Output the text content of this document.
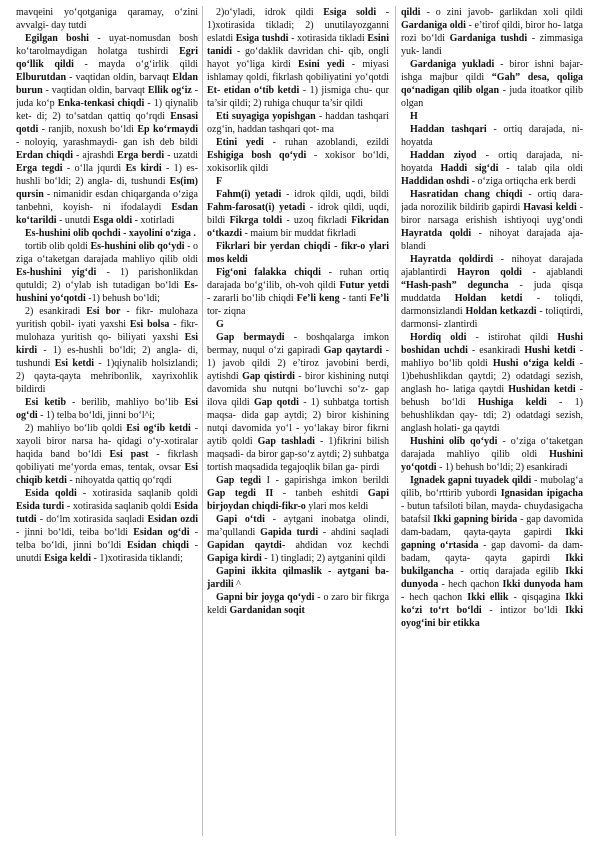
mavqeini yo‘qotganiga qaramay, o‘zini avvalgi- day tutdi

Egilgan boshi - uyat-nomusdan bosh ko‘tarolmaydigan holatga tushirdi Egri qo‘llik qildi - mayda o‘g‘irlik qildi Elburutdan - vaqtidan oldin, barvaqt Eldan burun - vaqtidan oldin, barvaqt Ellik og‘iz - juda ko‘p Enka-tenkasi chiqdi - 1) qiynalib ket- di; 2) to‘satdan qattiq qo‘rqdi Ensasi qotdi - ranjib, noxush bo‘ldi Ep ko‘rmaydi - noloyiq, yarashmaydi- gan ish deb bildi Erdan chiqdi - ajrashdi Erga berdi - uzatdi Erga tegdi - o‘lla jqurdi Es kirdi - 1) es- hushli bo‘ldi; 2) angla- di, tushundi Es(im) qursin - nimanidir esdan chiqarganda o‘ziga tanbehni, koyish- ni ifodalaydi Esdan ko‘tarildi - unutdi Esga oldi - xotirladi

Es-hushini olib qochdi - xayolini o‘ziga .

tortib olib qoldi Es-hushini olib qo‘ydi - o ziga o‘taketgan darajada mahliyo qilib oldi Es-hushini yig‘di - 1) parishonlikdan qutuldi; 2) o‘ylab ish tutadigan bo‘ldi Es-hushini yo‘qotdi -1) behush bo‘ldi;

2) esankiradi Esi bor - fikr- mulohaza yuritish qobil- iyati yaxshi Esi bolsa - fikr-mulohaza yuritish qo- biliyati yaxshi Esi kirdi - 1) es-hushli bo‘ldi; 2) angla- di, tushundi Esi ketdi - 1)qiynalib holsizlandi; 2) qayta-qayta mehribonlik, xayrixohlik bildirdi

Esi ketib - berilib, mahliyo bo‘lib Esi og‘di - 1) telba bo‘ldi, jinni bo‘l^i;

2) mahliyo bo‘lib qoldi Esi og‘ib ketdi - xayoli biror narsa ha- qidagi o‘y-xotiralar haqida band bo‘ldi Esi past - fikrlash qobiliyati me‘yorda emas, tentak, ovsar Esi chiqib ketdi - nihoyatda qattiq qo‘rqdi

Esida qoldi - xotirasida saqlanib qoldi Esida turdi - xotirasida saqlanib qoldi Esida tutdi - do‘lm xotirasida saqladi Esidan ozdi - jinni bo‘ldi, teiba bo‘ldi Esidan og‘di - telba bo‘ldi, jinni bo‘ldi Esidan chiqdi - unutdi Esiga keldi - 1)xotirasida tiklandi;

2)o‘yladi, idrok qildi Esiga soldi - 1)xotirasida tikladi; 2) unutilayozganni eslatdi Esiga tushdi - xotirasida tikladi Esini tanidi - go‘daklik davridan chi- qib, ongli hayot yo‘liga kirdi Esini yedi - miyasi ishlamay qoldi, fikrlash qobiliyatini yo‘qotdi Et- etidan o‘tib ketdi - 1) jismiga chu- qur ta’sir qildi; 2) ruhiga chuqur ta’sir qildi

Eti suyagiga yopishgan - haddan tashqari ozg‘in, haddan tashqari qot- ma

Etini yedi - ruhan azoblandi, ezildi Eshigiga bosh qo‘ydi - xokisor bo‘ldi, xokisorlik qildi

F

Fahm(i) yetadi - idrok qildi, uqdi, bildi Fahm-farosat(i) yetadi - idrok qildi, uqdi, bildi Fikrga toldi - uzoq fikrladi Fikridan o‘tkazdi - maium bir muddat fikrladi

Fikrlari bir yerdan chiqdi - fikr-o ylari mos keldi

Fig‘oni falakka chiqdi - ruhan ortiq darajada bo‘g‘ilib, oh-voh qildi Futur yetdi - zararli bo‘lib chiqdi Fe’li keng - tanti Fe’li tor- ziqna

G

Gap bermaydi - boshqalarga imkon bermay, nuqul o‘zi gapiradi Gap qaytardi - 1) javob qildi 2) e’tiroz javobini berdi, aytishdi Gap qistirdi - biror kishining nutqi davomida shu nutqni bo‘luvchi so‘z- gap ilova qildi Gap qotdi - 1) suhbatga tortish maqsa- dida gap aytdi; 2) biror kishining nutqi davomida yo‘l - yo‘lakay biror fikrni aytib qoldi Gap tashladi - 1)fikrini bilish maqsadi- da biror gap-so‘z aytdi; 2) suhbatga tortish maqsadida tegajoqlik bilan ga- pirdi

Gap tegdi I - gapirishga imkon berildi Gap tegdi II - tanbeh eshitdi Gapi birjoydan chiqdi-fikr-o ylari mos keldi

Gapi o‘tdi - aytgani inobatga olindi, ma’qullandi Gapida turdi - ahdini saqladi Gapidan qaytdi- ahdidan voz kechdi Gapiga kirdi - 1) tingladi; 2) aytganini qildi

Gapini ikkita qilmaslik - aytgani ba- jardili ^

Gapni bir joyga qo‘ydi - o zaro bir fikrga keldi Gardanidan soqit

qildi - o zini javob- garlikdan xoli qildi Gardaniga oldi - e’tirof qildi, biror ho- latga rozi bo‘ldi Gardaniga tushdi - zimmasiga yuk- landi

Gardaniga yukladi - biror ishni bajar- ishga majbur qildi “Gah” desa, qoliga qo‘nadigan qilib olgan - juda itoatkor qilib olgan

H

Haddan tashqari - ortiq darajada, ni- hoyatda

Haddan ziyod - ortiq darajada, ni- hoyatda Haddi sig‘di - talab qila oldi Haddidan oshdi - o‘ziga ortiqcha erk berdi

Hasratidan chang chiqdi - ortiq dara- jada norozilik bildirib gapirdi Havasi keldi - biror narsaga erishish ishtiyoqi uyg‘ondi Hayratda qoldi - nihoyat darajada aja- blandi

Hayratda qoldirdi - nihoyat darajada ajablantirdi Hayron qoldi - ajablandi “Hash-pash” deguncha - juda qisqa muddatda Holdan ketdi - toliqdi, darmonsizlandi Holdan ketkazdi - toliqtirdi, darmonsi- zlantirdi

Hordiq oldi - istirohat qildi Hushi boshidan uchdi - esankiradi Hushi ketdi - mahliyo bo‘lib qoldi Hushi o‘ziga keldi - 1)behushlikdan qaytdi; 2) odatdagi sezish, anglash ho- latiga qaytdi Hushidan ketdi - behush bo‘ldi Hushiga keldi - 1) behushlikdan qay- tdi; 2) odatdagi sezish, anglash holati- ga qaytdi

Hushini olib qo‘ydi - o‘ziga o‘taketgan darajada mahliyo qilib oldi Hushini yo‘qotdi - 1) behush bo‘ldi; 2) esankiradi

Ignadek gapni tuyadek qildi - mubolag‘a qilib, bo‘rttirib yubordi Ignasidan ipigacha - butun tafsiloti bilan, mayda- chuydasigacha batafsil Ikki gapning birida - gap davomida dam-badam, qayta-qayta gapirdi Ikki gapning o‘rtasida - gap davomi- da dam-badam, qayta- qayta gapirdi Ikki bukilgancha - ortiq darajada egilib Ikki dunyoda - hech qachon Ikki dunyoda ham - hech qachon Ikki ellik - qisqagina Ikki ko‘zi to‘rt bo‘ldi - intizor bo‘ldi Ikki oyog‘ini bir etikka
